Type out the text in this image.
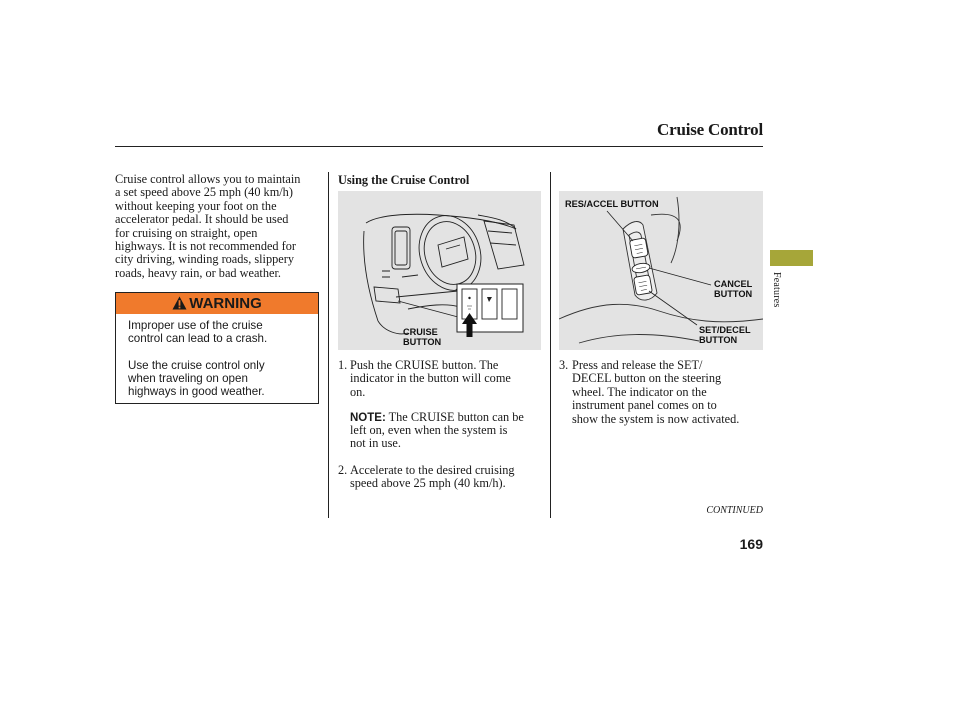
Cruise Control
Cruise control allows you to maintain
a set speed above 25 mph (40 km/h)
without keeping your foot on the
accelerator pedal. It should be used
for cruising on straight, open
highways. It is not recommended for
city driving, winding roads, slippery
roads, heavy rain, or bad weather.
WARNING
Improper use of the cruise
control can lead to a crash.
Use the cruise control only
when traveling on open
highways in good weather.
Using the Cruise Control
CRUISE
BUTTON
1. Push the CRUISE button. The
indicator in the button will come
on.
NOTE: The CRUISE button can be
left on, even when the system is
not in use.
2. Accelerate to the desired cruising
speed above 25 mph (40 km/h).
RES/ACCEL BUTTON
CANCEL
BUTTON
SET/DECEL
BUTTON
3. Press and release the SET/
DECEL button on the steering
wheel. The indicator on the
instrument panel comes on to
show the system is now activated.
Features
CONTINUED
169
